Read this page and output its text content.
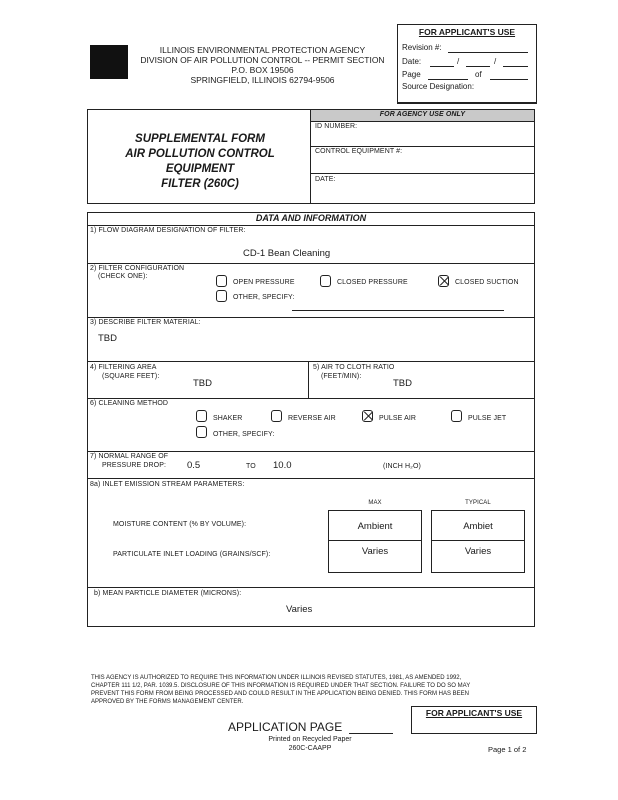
ILLINOIS ENVIRONMENTAL PROTECTION AGENCY
DIVISION OF AIR POLLUTION CONTROL -- PERMIT SECTION
P.O. BOX 19506
SPRINGFIELD, ILLINOIS 62794-9506
FOR APPLICANT'S USE
Revision #:
Date:	/	/
Page	of
Source Designation:
SUPPLEMENTAL FORM
AIR POLLUTION CONTROL
EQUIPMENT
FILTER (260C)
FOR AGENCY USE ONLY
ID NUMBER:
CONTROL EQUIPMENT #:
DATE:
DATA AND INFORMATION
1) FLOW DIAGRAM DESIGNATION OF FILTER:
CD-1 Bean Cleaning
2) FILTER CONFIGURATION
(CHECK ONE):
OPEN PRESSURE	CLOSED PRESSURE	CLOSED SUCTION
OTHER, SPECIFY:
3) DESCRIBE FILTER MATERIAL:
TBD
4) FILTERING AREA
(SQUARE FEET):
TBD
5) AIR TO CLOTH RATIO
(FEET/MIN):
TBD
6) CLEANING METHOD
SHAKER	REVERSE AIR	PULSE AIR	PULSE JET
OTHER, SPECIFY:
7) NORMAL RANGE OF
PRESSURE DROP: 0.5	TO 10.0	(INCH H₂O)
8a) INLET EMISSION STREAM PARAMETERS:
MAX	TYPICAL
MOISTURE CONTENT (% BY VOLUME):	Ambient	Ambiet
PARTICULATE INLET LOADING (GRAINS/SCF):	Varies	Varies
b) MEAN PARTICLE DIAMETER (MICRONS):
Varies
THIS AGENCY IS AUTHORIZED TO REQUIRE THIS INFORMATION UNDER ILLINOIS REVISED STATUTES, 1981, AS AMENDED 1992,
CHAPTER 111 1/2, PAR. 1039.5. DISCLOSURE OF THIS INFORMATION IS REQUIRED UNDER THAT SECTION. FAILURE TO DO SO MAY
PREVENT THIS FORM FROM BEING PROCESSED AND COULD RESULT IN THE APPLICATION BEING DENIED. THIS FORM HAS BEEN
APPROVED BY THE FORMS MANAGEMENT CENTER.
FOR APPLICANT'S USE
APPLICATION PAGE
Printed on Recycled Paper
260C-CAAPP	Page 1 of 2
